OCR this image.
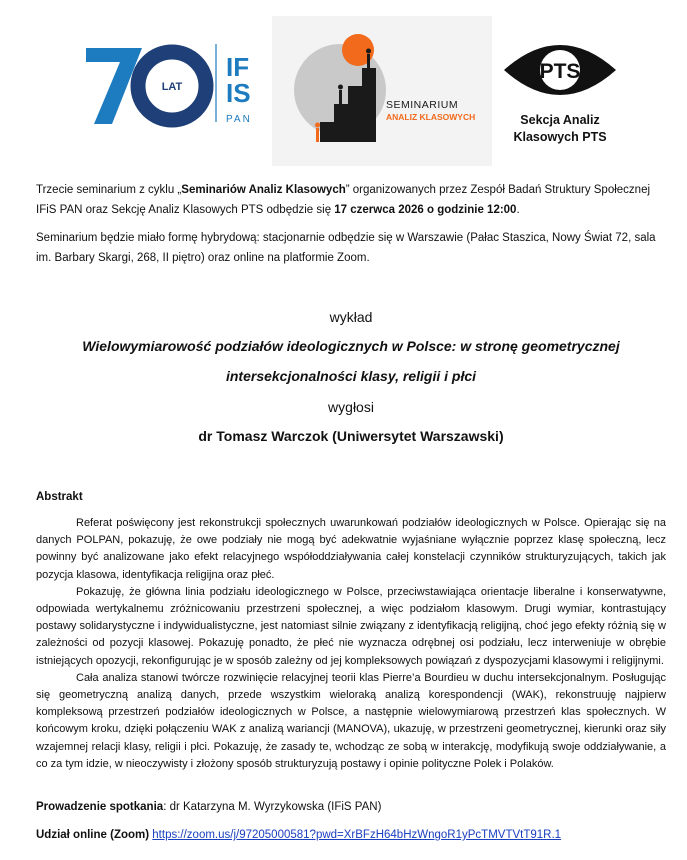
LAT
IF
IS
PAN
SEMINARIUM
ANALIZ KLASOWYCH
PTS
Sekcja Analiz
Klasowych PTS
Trzecie seminarium z cyklu „Seminariów Analiz Klasowych” organizowanych przez Zespół Badań Struktury Społecznej IFiS PAN oraz Sekcję Analiz Klasowych PTS odbędzie się 17 czerwca 2026 o godzinie 12:00.
Seminarium będzie miało formę hybrydową: stacjonarnie odbędzie się w Warszawie (Pałac Staszica, Nowy Świat 72, sala im. Barbary Skargi, 268, II piętro) oraz online na platformie Zoom.
wykład
Wielowymiarowość podziałów ideologicznych w Polsce: w stronę geometrycznej
intersekcjonalności klasy, religii i płci
wygłosi
dr Tomasz Warczok (Uniwersytet Warszawski)
Abstrakt

Referat poświęcony jest rekonstrukcji społecznych uwarunkowań podziałów ideologicznych w Polsce. Opierając się na danych POLPAN, pokazuję, że owe podziały nie mogą być adekwatnie wyjaśniane wyłącznie poprzez klasę społeczną, lecz powinny być analizowane jako efekt relacyjnego współoddziaływania całej konstelacji czynników strukturyzujących, takich jak pozycja klasowa, identyfikacja religijna oraz płeć.

Pokazuję, że główna linia podziału ideologicznego w Polsce, przeciwstawiająca orientacje liberalne i konserwatywne, odpowiada wertykalnemu zróżnicowaniu przestrzeni społecznej, a więc podziałom klasowym. Drugi wymiar, kontrastujący postawy solidarystyczne i indywidualistyczne, jest natomiast silnie związany z identyfikacją religijną, choć jego efekty różnią się w zależności od pozycji klasowej. Pokazuję ponadto, że płeć nie wyznacza odrębnej osi podziału, lecz interweniuje w obrębie istniejących opozycji, rekonfigurując je w sposób zależny od jej kompleksowych powiązań z dyspozycjami klasowymi i religijnymi.

Cała analiza stanowi twórcze rozwinięcie relacyjnej teorii klas Pierre’a Bourdieu w duchu intersekcjonalnym. Posługując się geometryczną analizą danych, przede wszystkim wieloraką analizą korespondencji (WAK), rekonstruuję najpierw kompleksową przestrzeń podziałów ideologicznych w Polsce, a następnie wielowymiarową przestrzeń klas społecznych. W końcowym kroku, dzięki połączeniu WAK z analizą wariancji (MANOVA), ukazuję, w przestrzeni geometrycznej, kierunki oraz siły wzajemnej relacji klasy, religii i płci. Pokazuję, że zasady te, wchodząc ze sobą w interakcję, modyfikują swoje oddziaływanie, a co za tym idzie, w nieoczywisty i złożony sposób strukturyzują postawy i opinie polityczne Polek i Polaków.

Prowadzenie spotkania: dr Katarzyna M. Wyrzykowska (IFiS PAN)
Udział online (Zoom) https://zoom.us/j/97205000581?pwd=XrBFzH64bHzWngoR1yPcTMVTVtT91R.1
